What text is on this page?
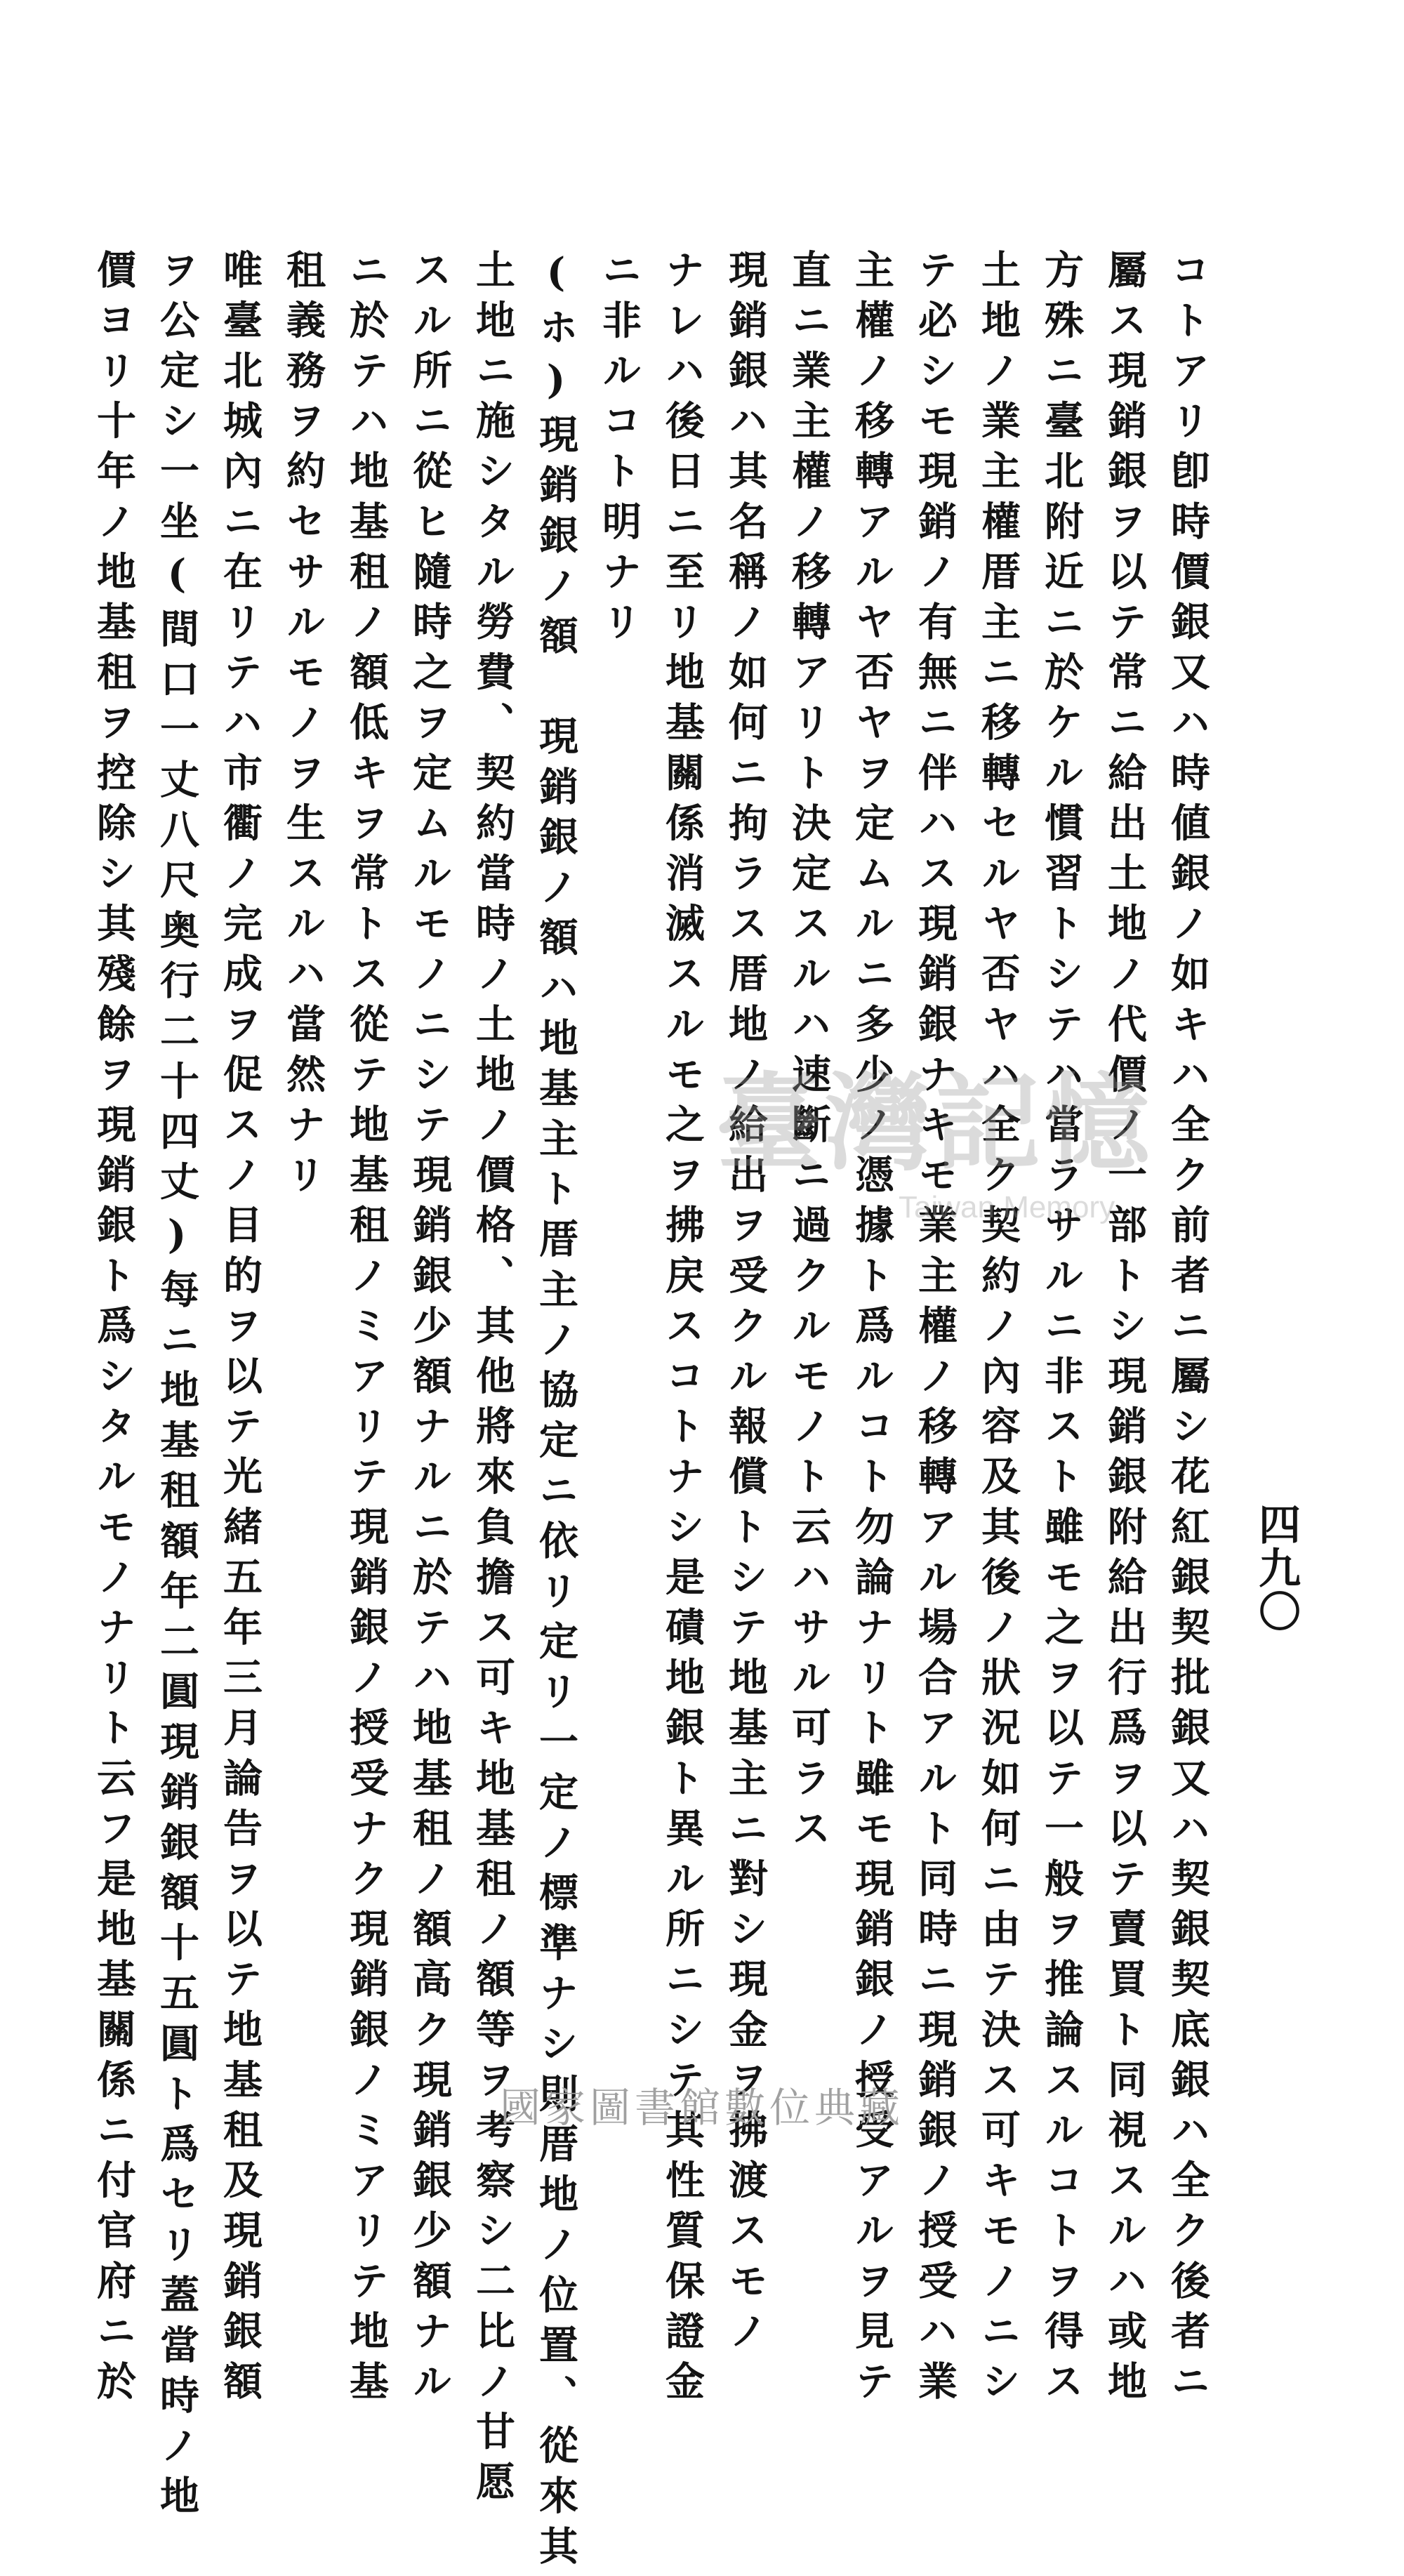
四九〇
コトアリ卽時價銀又ハ時値銀ノ如キハ全ク前者ニ屬シ花紅銀契批銀又ハ契銀契底銀ハ全ク後者ニ
屬ス現銷銀ヲ以テ常ニ給出土地ノ代價ノ一部トシ現銷銀附給出行爲ヲ以テ賣買ト同視スルハ或地
方殊ニ臺北附近ニ於ケル慣習トシテハ當ラサルニ非スト雖モ之ヲ以テ一般ヲ推論スルコトヲ得ス
土地ノ業主權厝主ニ移轉セルヤ否ヤハ全ク契約ノ內容及其後ノ狀況如何ニ由テ決ス可キモノニシ
テ必シモ現銷ノ有無ニ伴ハス現銷銀ナキモ業主權ノ移轉アル場合アルト同時ニ現銷銀ノ授受ハ業
主權ノ移轉アルヤ否ヤヲ定ムルニ多少ノ憑據ト爲ルコト勿論ナリト雖モ現銷銀ノ授受アルヲ見テ
直ニ業主權ノ移轉アリト決定スルハ速斷ニ過クルモノト云ハサル可ラス
現銷銀ハ其名稱ノ如何ニ拘ラス厝地ノ給出ヲ受クル報償トシテ地基主ニ對シ現金ヲ拂渡スモノ
ナレハ後日ニ至リ地基關係消滅スルモ之ヲ拂戻スコトナシ是磧地銀ト異ル所ニシテ其性質保證金
ニ非ルコト明ナリ
(ホ)現銷銀ノ額　現銷銀ノ額ハ地基主ト厝主ノ協定ニ依リ定リ一定ノ標準ナシ則厝地ノ位置、從來其
土地ニ施シタル勞費、契約當時ノ土地ノ價格、其他將來負擔ス可キ地基租ノ額等ヲ考察シ二比ノ甘愿
スル所ニ從ヒ隨時之ヲ定ムルモノニシテ現銷銀少額ナルニ於テハ地基租ノ額高ク現銷銀少額ナル
ニ於テハ地基租ノ額低キヲ常トス從テ地基租ノミアリテ現銷銀ノ授受ナク現銷銀ノミアリテ地基
租義務ヲ約セサルモノヲ生スルハ當然ナリ
唯臺北城內ニ在リテハ市衢ノ完成ヲ促スノ目的ヲ以テ光緒五年三月論告ヲ以テ地基租及現銷銀額
ヲ公定シ一坐(間口一丈八尺奥行二十四丈)每ニ地基租額年二圓現銷銀額十五圓ト爲セリ蓋當時ノ地
價ヨリ十年ノ地基租ヲ控除シ其殘餘ヲ現銷銀ト爲シタルモノナリト云フ是地基關係ニ付官府ニ於	臺灣記憶
Taiwan Memory
國家圖書館數位典藏
